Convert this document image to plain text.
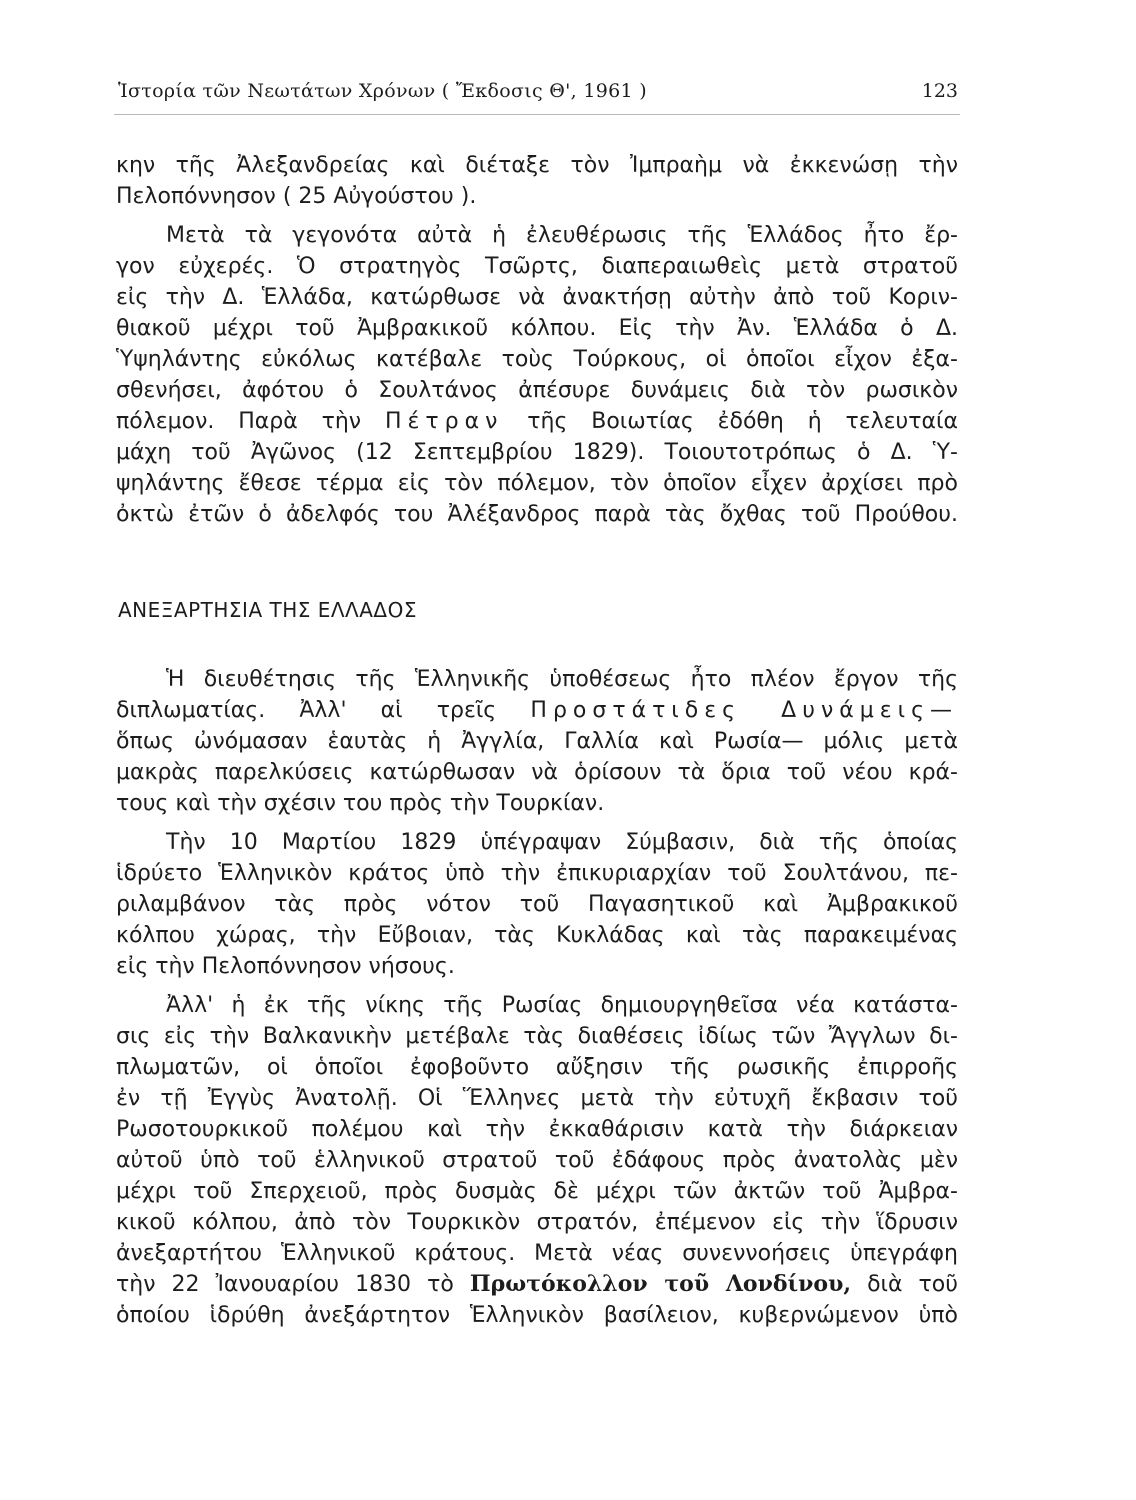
Ἱστορία τῶν Νεωτάτων Χρόνων ( Ἔκδοσις Θ', 1961 )	123
κην τῆς Ἀλεξανδρείας καὶ διέταξε τὸν Ἰμπραὴμ νὰ ἐκκενώσῃ τὴν
Πελοπόννησον ( 25 Αὐγούστου ).
Μετὰ τὰ γεγονότα αὐτὰ ἡ ἐλευθέρωσις τῆς Ἑλλάδος ἦτο ἔρ-
γον εὐχερές. Ὁ στρατηγὸς Τσῶρτς, διαπεραιωθεὶς μετὰ στρατοῦ
εἰς τὴν Δ. Ἑλλάδα, κατώρθωσε νὰ ἀνακτήσῃ αὐτὴν ἀπὸ τοῦ Κοριν-
θιακοῦ μέχρι τοῦ Ἀμβρακικοῦ κόλπου. Εἰς τὴν Ἀν. Ἑλλάδα ὁ Δ.
Ὑψηλάντης εὐκόλως κατέβαλε τοὺς Τούρκους, οἱ ὁποῖοι εἶχον ἐξα-
σθενήσει, ἀφότου ὁ Σουλτάνος ἀπέσυρε δυνάμεις διὰ τὸν ρωσικὸν
πόλεμον. Παρὰ τὴν Πέτραν τῆς Βοιωτίας ἐδόθη ἡ τελευταία
μάχη τοῦ Ἀγῶνος (12 Σεπτεμβρίου 1829). Τοιουτοτρόπως ὁ Δ. Ὑ-
ψηλάντης ἔθεσε τέρμα εἰς τὸν πόλεμον, τὸν ὁποῖον εἶχεν ἀρχίσει πρὸ
ὀκτὼ ἐτῶν ὁ ἀδελφός του Ἀλέξανδρος παρὰ τὰς ὄχθας τοῦ Προύθου.
ΑΝΕΞΑΡΤΗΣΙΑ ΤΗΣ ΕΛΛΑΔΟΣ
Ἡ διευθέτησις τῆς Ἑλληνικῆς ὑποθέσεως ἦτο πλέον ἔργον τῆς
διπλωματίας. Ἀλλ' αἱ τρεῖς Προστάτιδες Δυνάμεις—
ὅπως ὠνόμασαν ἑαυτὰς ἡ Ἀγγλία, Γαλλία καὶ Ρωσία— μόλις μετὰ
μακρὰς παρελκύσεις κατώρθωσαν νὰ ὁρίσουν τὰ ὅρια τοῦ νέου κρά-
τους καὶ τὴν σχέσιν του πρὸς τὴν Τουρκίαν.
Τὴν 10 Μαρτίου 1829 ὑπέγραψαν Σύμβασιν, διὰ τῆς ὁποίας
ἱδρύετο Ἑλληνικὸν κράτος ὑπὸ τὴν ἐπικυριαρχίαν τοῦ Σουλτάνου, πε-
ριλαμβάνον τὰς πρὸς νότον τοῦ Παγασητικοῦ καὶ Ἀμβρακικοῦ
κόλπου χώρας, τὴν Εὔβοιαν, τὰς Κυκλάδας καὶ τὰς παρακειμένας
εἰς τὴν Πελοπόννησον νήσους.
Ἀλλ' ἡ ἐκ τῆς νίκης τῆς Ρωσίας δημιουργηθεῖσα νέα κατάστα-
σις εἰς τὴν Βαλκανικὴν μετέβαλε τὰς διαθέσεις ἰδίως τῶν Ἄγγλων δι-
πλωματῶν, οἱ ὁποῖοι ἐφοβοῦντο αὔξησιν τῆς ρωσικῆς ἐπιρροῆς
ἐν τῇ Ἐγγὺς Ἀνατολῇ. Οἱ Ἕλληνες μετὰ τὴν εὐτυχῆ ἔκβασιν τοῦ
Ρωσοτουρκικοῦ πολέμου καὶ τὴν ἐκκαθάρισιν κατὰ τὴν διάρκειαν
αὐτοῦ ὑπὸ τοῦ ἑλληνικοῦ στρατοῦ τοῦ ἐδάφους πρὸς ἀνατολὰς μὲν
μέχρι τοῦ Σπερχειοῦ, πρὸς δυσμὰς δὲ μέχρι τῶν ἀκτῶν τοῦ Ἀμβρα-
κικοῦ κόλπου, ἀπὸ τὸν Τουρκικὸν στρατόν, ἐπέμενον εἰς τὴν ἵδρυσιν
ἀνεξαρτήτου Ἑλληνικοῦ κράτους. Μετὰ νέας συνεννοήσεις ὑπεγράφη
τὴν 22 Ἰανουαρίου 1830 τὸ Πρωτόκολλον τοῦ Λονδίνου, διὰ τοῦ
ὁποίου ἱδρύθη ἀνεξάρτητον Ἑλληνικὸν βασίλειον, κυβερνώμενον ὑπὸ
